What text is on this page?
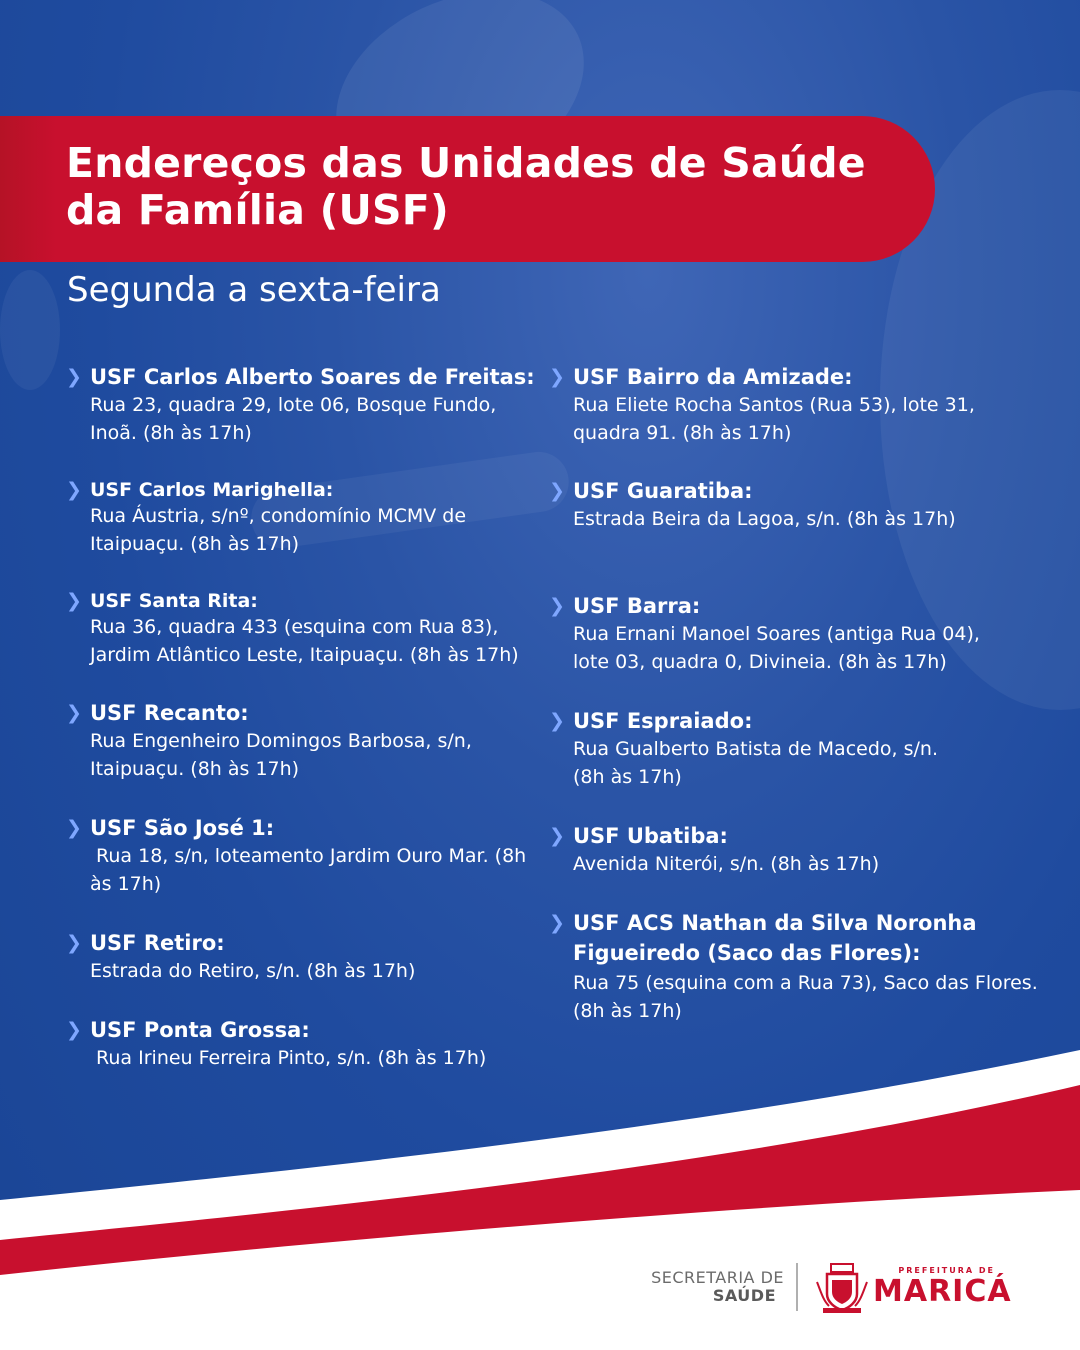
Endereços das Unidades de Saúde da Família (USF)
Segunda a sexta-feira
❯ USF Carlos Alberto Soares de Freitas:

Rua 23, quadra 29, lote 06, Bosque Fundo, Inoã. (8h às 17h)

❯ USF Carlos Marighella:

Rua Áustria, s/nº, condomínio MCMV de Itaipuaçu. (8h às 17h)

❯ USF Santa Rita:

Rua 36, quadra 433 (esquina com Rua 83), Jardim Atlântico Leste, Itaipuaçu. (8h às 17h)

❯ USF Recanto:

Rua Engenheiro Domingos Barbosa, s/n, Itaipuaçu. (8h às 17h)

❯ USF São José 1:

Rua 18, s/n, loteamento Jardim Ouro Mar. (8h às 17h)

❯ USF Retiro:

Estrada do Retiro, s/n. (8h às 17h)

❯ USF Ponta Grossa:

Rua Irineu Ferreira Pinto, s/n. (8h às 17h)

❯ USF Bairro da Amizade:

Rua Eliete Rocha Santos (Rua 53), lote 31, quadra 91. (8h às 17h)

❯ USF Guaratiba:

Estrada Beira da Lagoa, s/n. (8h às 17h)

❯ USF Barra:

Rua Ernani Manoel Soares (antiga Rua 04), lote 03, quadra 0, Divineia. (8h às 17h)

❯ USF Espraiado:

Rua Gualberto Batista de Macedo, s/n. (8h às 17h)

❯ USF Ubatiba:

Avenida Niterói, s/n. (8h às 17h)

❯ USF ACS Nathan da Silva Noronha Figueiredo (Saco das Flores):

Rua 75 (esquina com a Rua 73), Saco das Flores. (8h às 17h)

SECRETARIA DE
SAÚDE
PREFEITURA DE
MARICÁ
